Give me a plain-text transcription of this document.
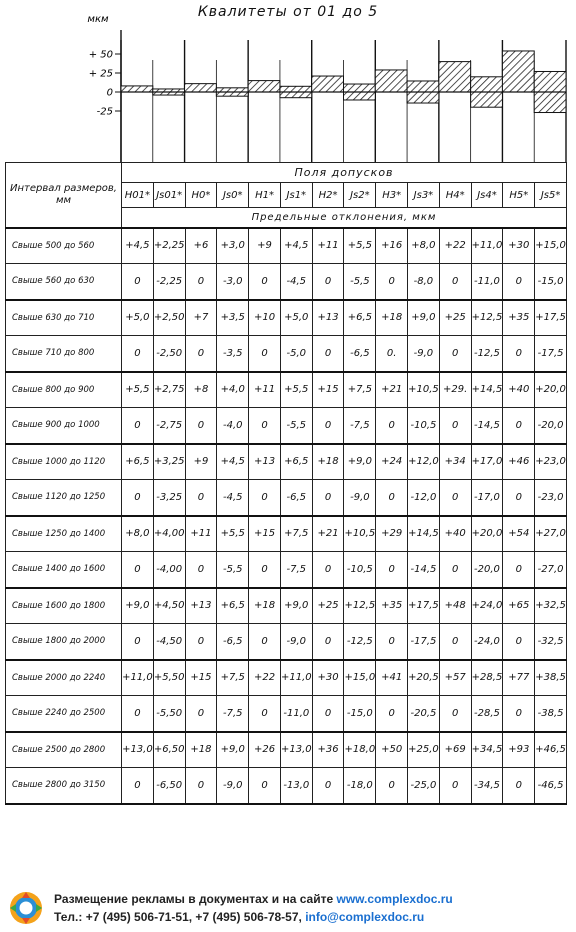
Квалитеты от 01 до 5
мкм
+ 50
+ 25
0
-25
Интервал размеров, мм	Поля допусков													
	H01*	Js01*	H0*	Js0*	H1*	Js1*	H2*	Js2*	H3*	Js3*	H4*	Js4*	H5*	Js5*
	Предельные отклонения, мкм													
Свыше 500 до 560	+4,5	+2,25	+6	+3,0	+9	+4,5	+11	+5,5	+16	+8,0	+22	+11,0	+30	+15,0
Свыше 560 до 630	0	-2,25	0	-3,0	0	-4,5	0	-5,5	0	-8,0	0	-11,0	0	-15,0
Свыше 630 до 710	+5,0	+2,50	+7	+3,5	+10	+5,0	+13	+6,5	+18	+9,0	+25	+12,5	+35	+17,5
Свыше 710 до 800	0	-2,50	0	-3,5	0	-5,0	0	-6,5	0.	-9,0	0	-12,5	0	-17,5
Свыше 800 до 900	+5,5	+2,75	+8	+4,0	+11	+5,5	+15	+7,5	+21	+10,5	+29.	+14,5	+40	+20,0
Свыше 900 до 1000	0	-2,75	0	-4,0	0	-5,5	0	-7,5	0	-10,5	0	-14,5	0	-20,0
Свыше 1000 до 1120	+6,5	+3,25	+9	+4,5	+13	+6,5	+18	+9,0	+24	+12,0	+34	+17,0	+46	+23,0
Свыше 1120 до 1250	0	-3,25	0	-4,5	0	-6,5	0	-9,0	0	-12,0	0	-17,0	0	-23,0
Свыше 1250 до 1400	+8,0	+4,00	+11	+5,5	+15	+7,5	+21	+10,5	+29	+14,5	+40	+20,0	+54	+27,0
Свыше 1400 до 1600	0	-4,00	0	-5,5	0	-7,5	0	-10,5	0	-14,5	0	-20,0	0	-27,0
Свыше 1600 до 1800	+9,0	+4,50	+13	+6,5	+18	+9,0	+25	+12,5	+35	+17,5	+48	+24,0	+65	+32,5
Свыше 1800 до 2000	0	-4,50	0	-6,5	0	-9,0	0	-12,5	0	-17,5	0	-24,0	0	-32,5
Свыше 2000 до 2240	+11,0	+5,50	+15	+7,5	+22	+11,0	+30	+15,0	+41	+20,5	+57	+28,5	+77	+38,5
Свыше 2240 до 2500	0	-5,50	0	-7,5	0	-11,0	0	-15,0	0	-20,5	0	-28,5	0	-38,5
Свыше 2500 до 2800	+13,0	+6,50	+18	+9,0	+26	+13,0	+36	+18,0	+50	+25,0	+69	+34,5	+93	+46,5
Свыше 2800 до 3150	0	-6,50	0	-9,0	0	-13,0	0	-18,0	0	-25,0	0	-34,5	0	-46,5
Размещение рекламы в документах и на сайте www.complexdoc.ru
Тел.: +7 (495) 506-71-51, +7 (495) 506-78-57, info@complexdoc.ru
